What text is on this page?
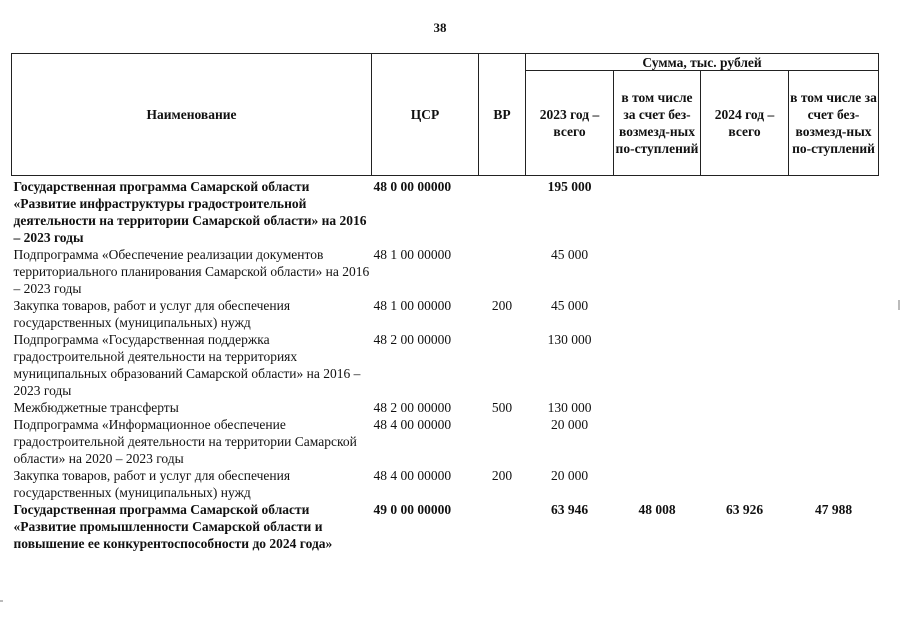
38
Наименование	ЦСР	ВР	Сумма, тыс. рублей			
			2023 год – всего	в том числе за счет без-возмезд-ных по-ступлений	2024 год – всего	в том числе за счет без-возмезд-ных по-ступлений
Государственная программа Самарской области «Развитие инфраструктуры градостроительной деятельности на территории Самарской области» на 2016 – 2023 годы	48 0 00 00000		195 000			
Подпрограмма «Обеспечение реализации документов территориального планирования Самарской области» на 2016 – 2023 годы	48 1 00 00000		45 000			
Закупка товаров, работ и услуг для обеспечения государственных (муниципальных) нужд	48 1 00 00000	200	45 000			
Подпрограмма «Государственная поддержка градостроительной деятельности на территориях муниципальных образований Самарской области» на 2016 – 2023 годы	48 2 00 00000		130 000			
Межбюджетные трансферты	48 2 00 00000	500	130 000			
Подпрограмма «Информационное обеспечение градостроительной деятельности на территории Самарской области» на 2020 – 2023 годы	48 4 00 00000		20 000			
Закупка товаров, работ и услуг для обеспечения государственных (муниципальных) нужд	48 4 00 00000	200	20 000			
Государственная программа Самарской области «Развитие промышленности Самарской области и повышение ее конкурентоспособности до 2024 года»	49 0 00 00000		63 946	48 008	63 926	47 988
